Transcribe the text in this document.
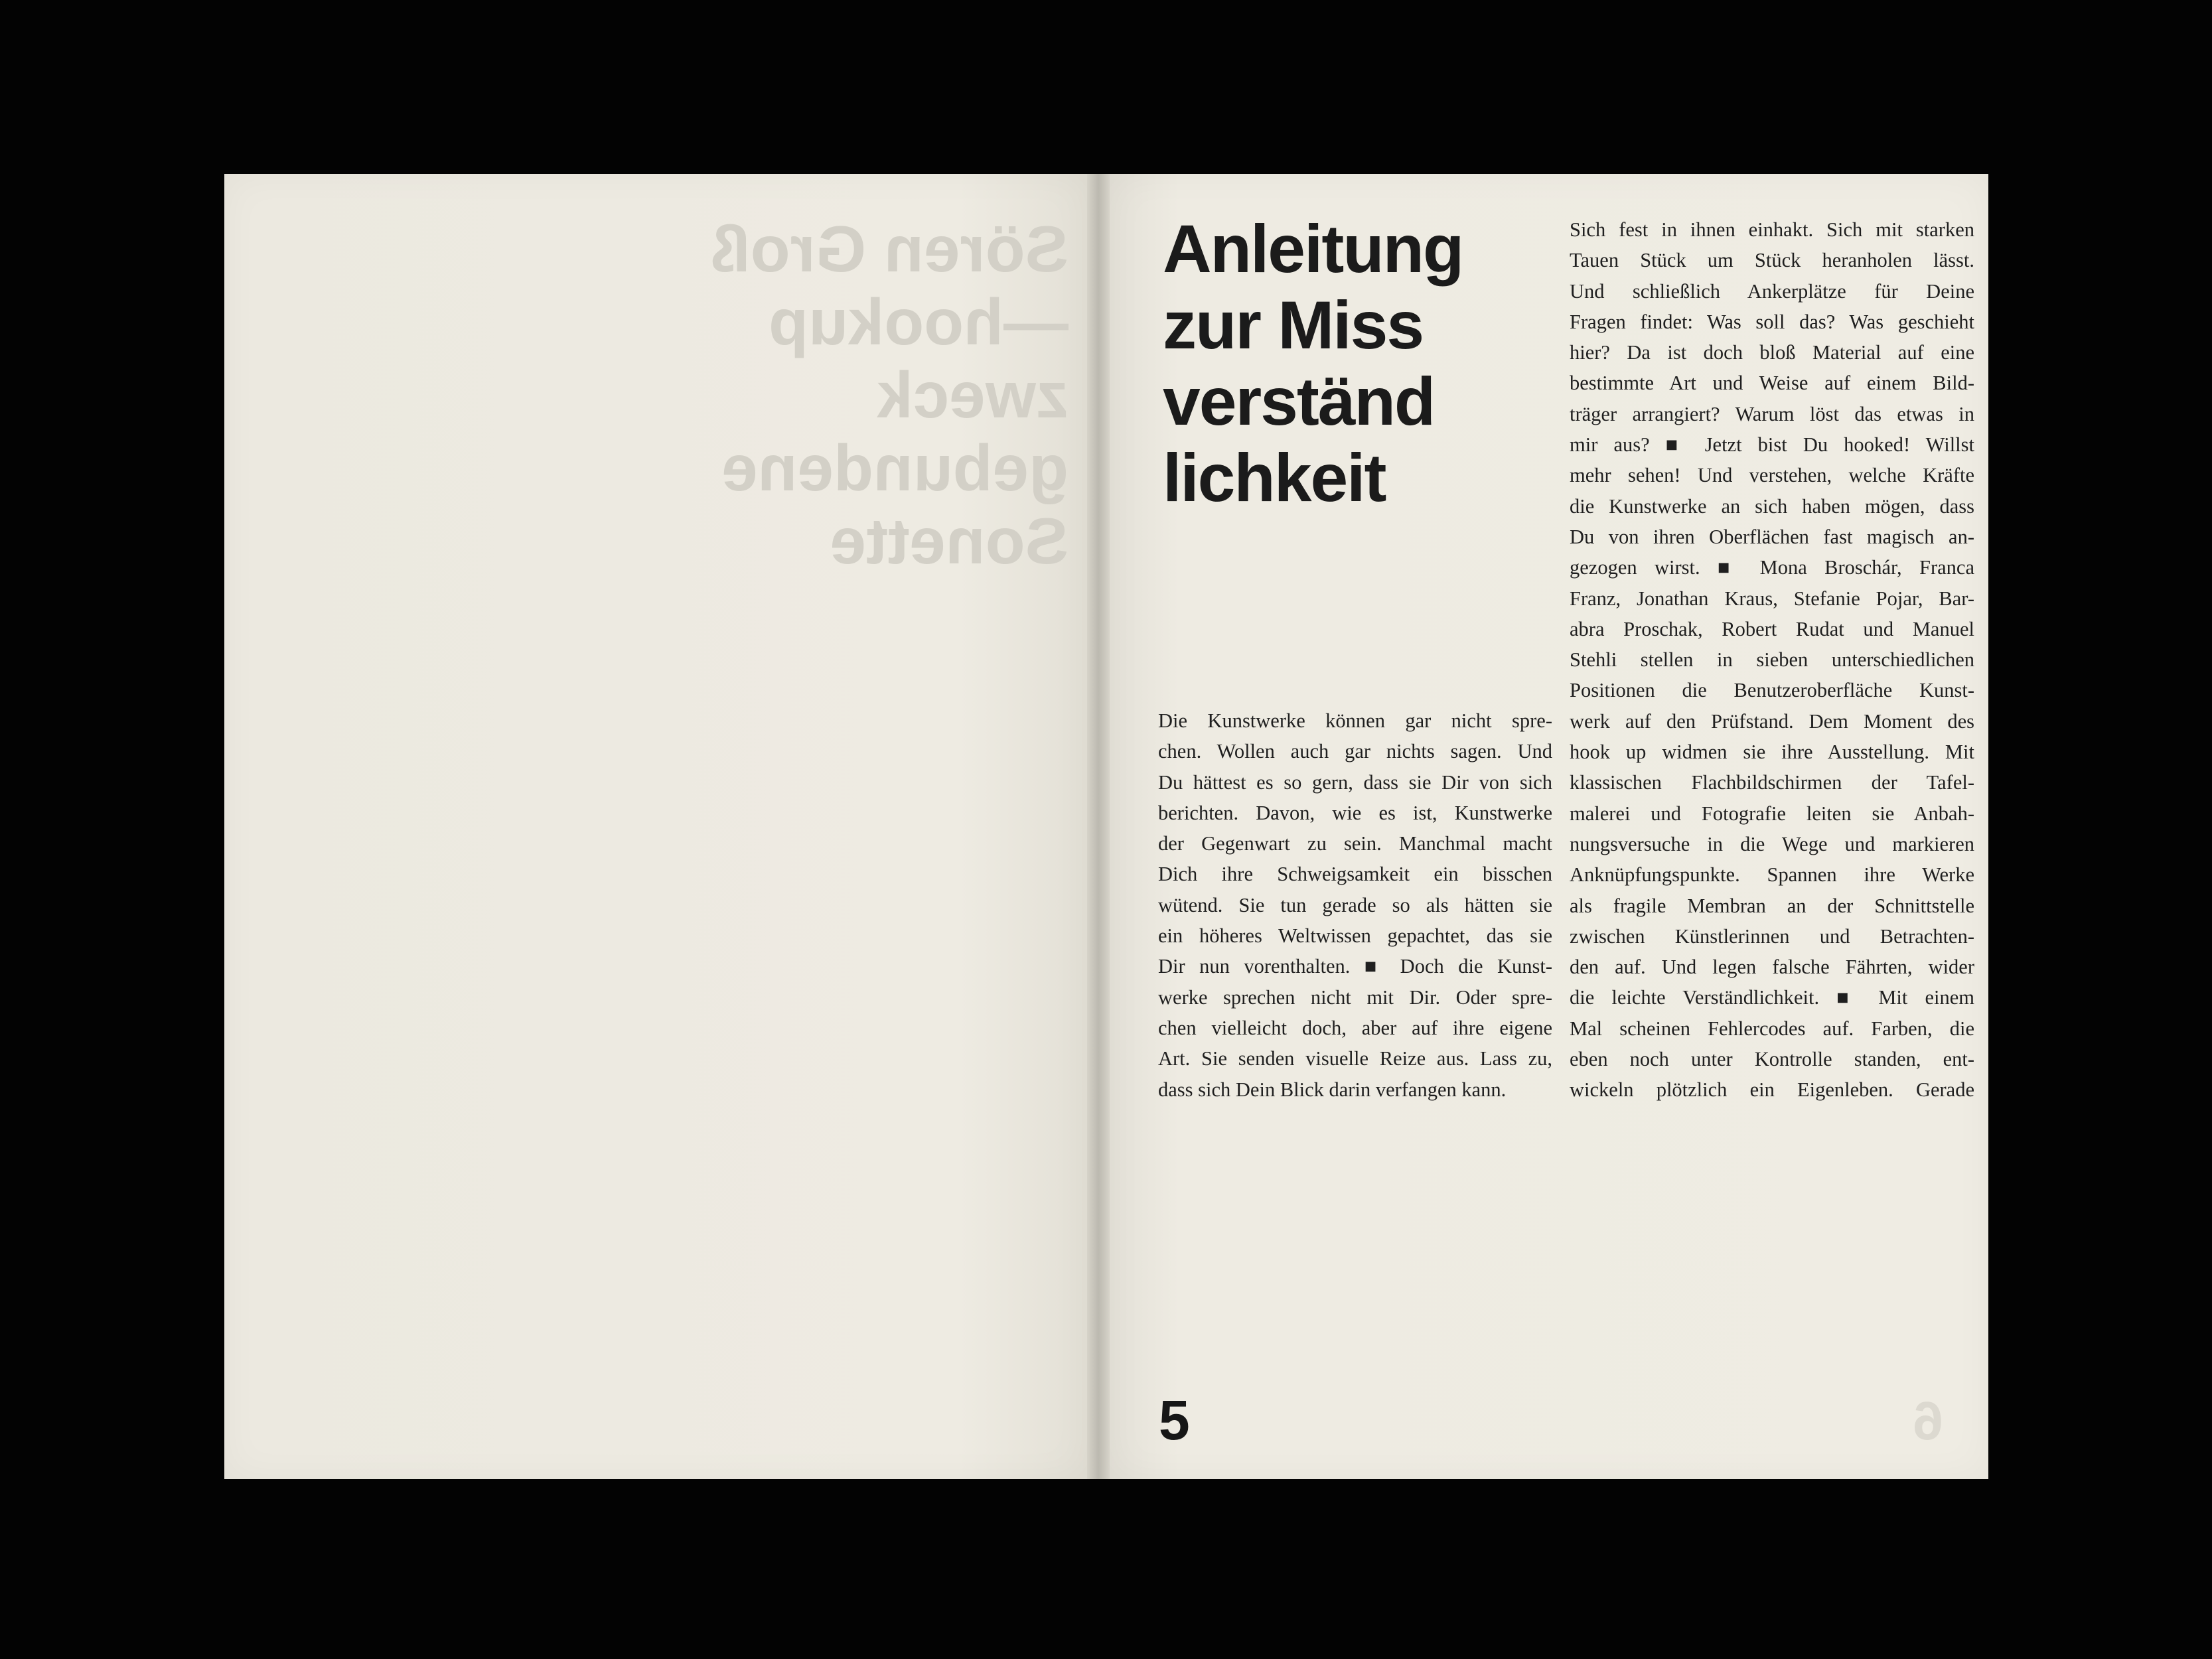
Sören Groß
—hookup
zweck
gebundene
Sonette
Anleitung
zur Miss
verständ
lichkeit
Die Kunstwerke können gar nicht spre-
chen. Wollen auch gar nichts sagen. Und
Du hättest es so gern, dass sie Dir von sich
berichten. Davon, wie es ist, Kunstwerke
der Gegenwart zu sein. Manchmal macht
Dich ihre Schweigsamkeit ein bisschen
wütend. Sie tun gerade so als hätten sie
ein höheres Weltwissen gepachtet, das sie
Dir nun vorenthalten. ■ Doch die Kunst-
werke sprechen nicht mit Dir. Oder spre-
chen vielleicht doch, aber auf ihre eigene
Art. Sie senden visuelle Reize aus. Lass zu,
dass sich Dein Blick darin verfangen kann.
Sich fest in ihnen einhakt. Sich mit starken
Tauen Stück um Stück heranholen lässt.
Und schließlich Ankerplätze für Deine
Fragen findet: Was soll das? Was geschieht
hier? Da ist doch bloß Material auf eine
bestimmte Art und Weise auf einem Bild-
träger arrangiert? Warum löst das etwas in
mir aus? ■ Jetzt bist Du hooked! Willst
mehr sehen! Und verstehen, welche Kräfte
die Kunstwerke an sich haben mögen, dass
Du von ihren Oberflächen fast magisch an-
gezogen wirst. ■ Mona Broschár, Franca
Franz, Jonathan Kraus, Stefanie Pojar, Bar-
abra Proschak, Robert Rudat und Manuel
Stehli stellen in sieben unterschiedlichen
Positionen die Benutzeroberfläche Kunst-
werk auf den Prüfstand. Dem Moment des
hook up widmen sie ihre Ausstellung. Mit
klassischen Flachbildschirmen der Tafel-
malerei und Fotografie leiten sie Anbah-
nungsversuche in die Wege und markieren
Anknüpfungspunkte. Spannen ihre Werke
als fragile Membran an der Schnittstelle
zwischen Künstlerinnen und Betrachten-
den auf. Und legen falsche Fährten, wider
die leichte Verständlichkeit. ■ Mit einem
Mal scheinen Fehlercodes auf. Farben, die
eben noch unter Kontrolle standen, ent-
wickeln plötzlich ein Eigenleben. Gerade
5	6
